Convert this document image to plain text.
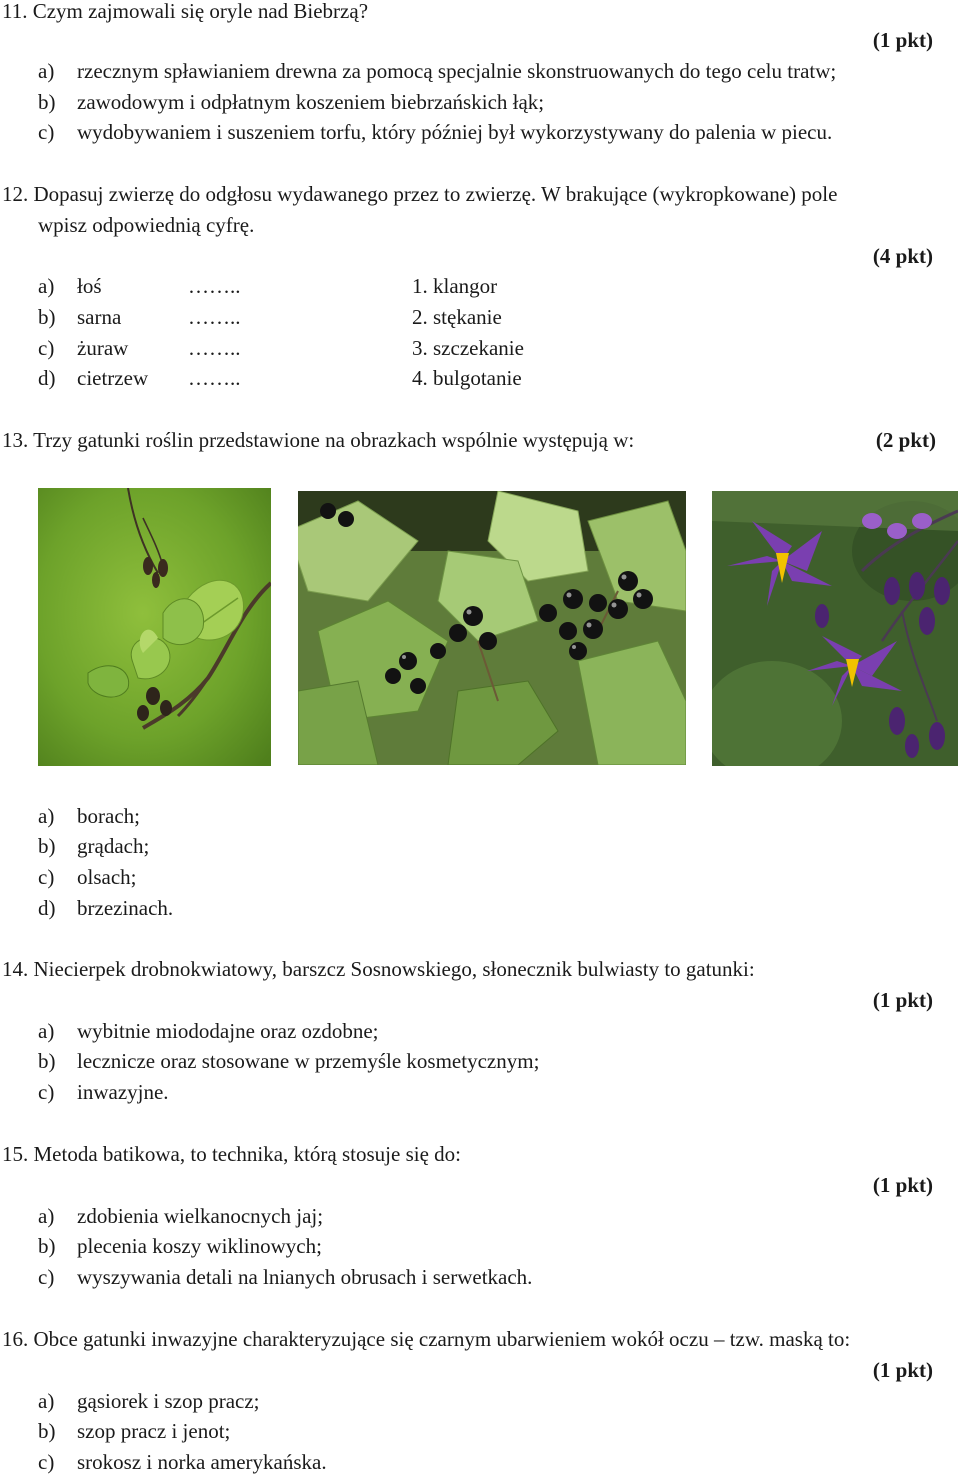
11. Czym zajmowali się oryle nad Biebrzą?
(1 pkt)
a) rzecznym spławianiem drewna za pomocą specjalnie skonstruowanych do tego celu tratw;
b) zawodowym i odpłatnym koszeniem biebrzańskich łąk;
c) wydobywaniem i suszeniem torfu, który później był wykorzystywany do palenia w piecu.
12. Dopasuj zwierzę do odgłosu wydawanego przez to zwierzę. W brakujące (wykropkowane) pole
wpisz odpowiednią cyfrę.
(4 pkt)
a) łoś	……..	1. klangor
b) sarna	……..	2. stękanie
c) żuraw	……..	3. szczekanie
d) cietrzew ……..	4. bulgotanie
13. Trzy gatunki roślin przedstawione na obrazkach wspólnie występują w:	(2 pkt)
a) borach;
b) grądach;
c) olsach;
d) brzezinach.
14. Niecierpek drobnokwiatowy, barszcz Sosnowskiego, słonecznik bulwiasty to gatunki:
(1 pkt)
a) wybitnie miododajne oraz ozdobne;
b) lecznicze oraz stosowane w przemyśle kosmetycznym;
c) inwazyjne.
15. Metoda batikowa, to technika, którą stosuje się do:
(1 pkt)
a) zdobienia wielkanocnych jaj;
b) plecenia koszy wiklinowych;
c) wyszywania detali na lnianych obrusach i serwetkach.
16. Obce gatunki inwazyjne charakteryzujące się czarnym ubarwieniem wokół oczu – tzw. maską to:
(1 pkt)
a) gąsiorek i szop pracz;
b) szop pracz i jenot;
c) srokosz i norka amerykańska.
